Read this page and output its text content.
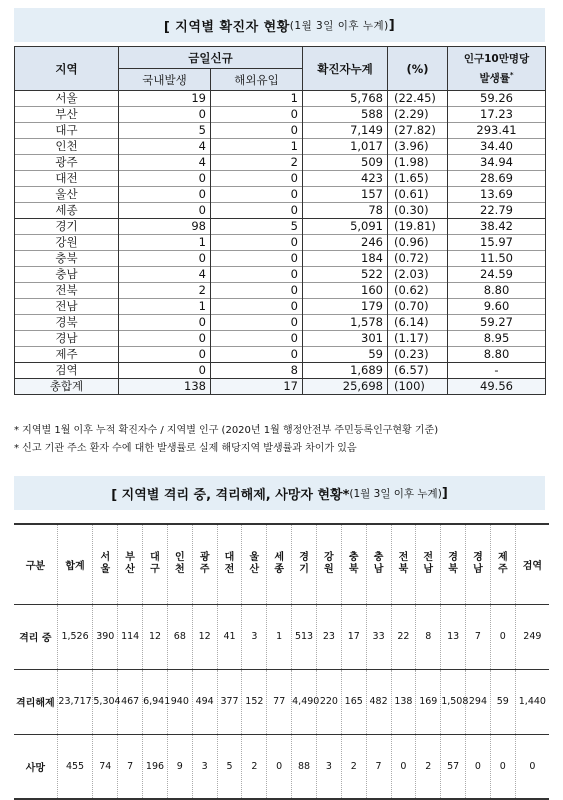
[ 지역별 확진자 현황 (1월 3일 이후 누계) ]
지역	금일신규		확진자누계	(%)	인구10만명당
발생률*

	국내발생	해외유입			
서울	19	1	5,768	(22.45)	59.26
부산	0	0	588	(2.29)	17.23
대구	5	0	7,149	(27.82)	293.41
인천	4	1	1,017	(3.96)	34.40
광주	4	2	509	(1.98)	34.94
대전	0	0	423	(1.65)	28.69
울산	0	0	157	(0.61)	13.69
세종	0	0	78	(0.30)	22.79
경기	98	5	5,091	(19.81)	38.42
강원	1	0	246	(0.96)	15.97
충북	0	0	184	(0.72)	11.50
충남	4	0	522	(2.03)	24.59
전북	2	0	160	(0.62)	8.80
전남	1	0	179	(0.70)	9.60
경북	0	0	1,578	(6.14)	59.27
경남	0	0	301	(1.17)	8.95
제주	0	0	59	(0.23)	8.80
검역	0	8	1,689	(6.57)	-
총합계	138	17	25,698	(100)	49.56
* 지역별 1월 이후 누적 확진자수 / 지역별 인구 (2020년 1월 행정안전부 주민등록인구현황 기준)
* 신고 기관 주소 환자 수에 대한 발생률로 실제 해당지역 발생률과 차이가 있음
[ 지역별 격리 중, 격리해제, 사망자 현황* (1월 3일 이후 누계) ]
구분	합계	서울	부산	대구	인천	광주	대전	울산	세종	경기	강원	충북	충남	전북	전남	경북	경남	제주	검역
격리 중	1,526	390	114	12	68	12	41	3	1	513	23	17	33	22	8	13	7	0	249
격리해제	23,717	5,304	467	6,941	940	494	377	152	77	4,490	220	165	482	138	169	1,508	294	59	1,440
사망	455	74	7	196	9	3	5	2	0	88	3	2	7	0	2	57	0	0	0
